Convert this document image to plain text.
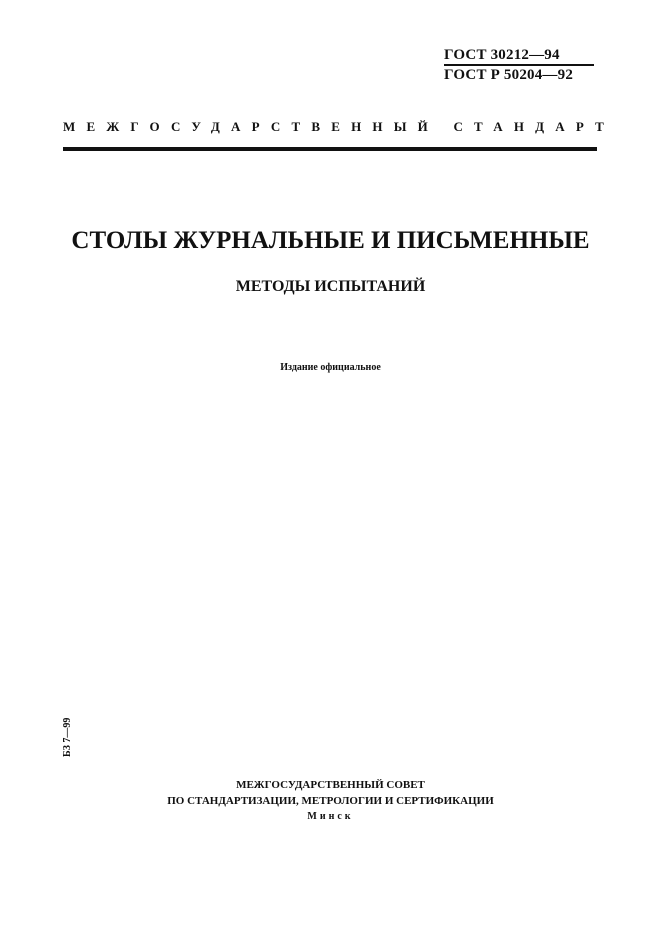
ГОСТ 30212—94
ГОСТ Р 50204—92
МЕЖГОСУДАРСТВЕННЫЙ СТАНДАРТ
СТОЛЫ ЖУРНАЛЬНЫЕ И ПИСЬМЕННЫЕ
МЕТОДЫ ИСПЫТАНИЙ
Издание официальное
БЗ 7—99
МЕЖГОСУДАРСТВЕННЫЙ СОВЕТ
ПО СТАНДАРТИЗАЦИИ, МЕТРОЛОГИИ И СЕРТИФИКАЦИИ
Минск
